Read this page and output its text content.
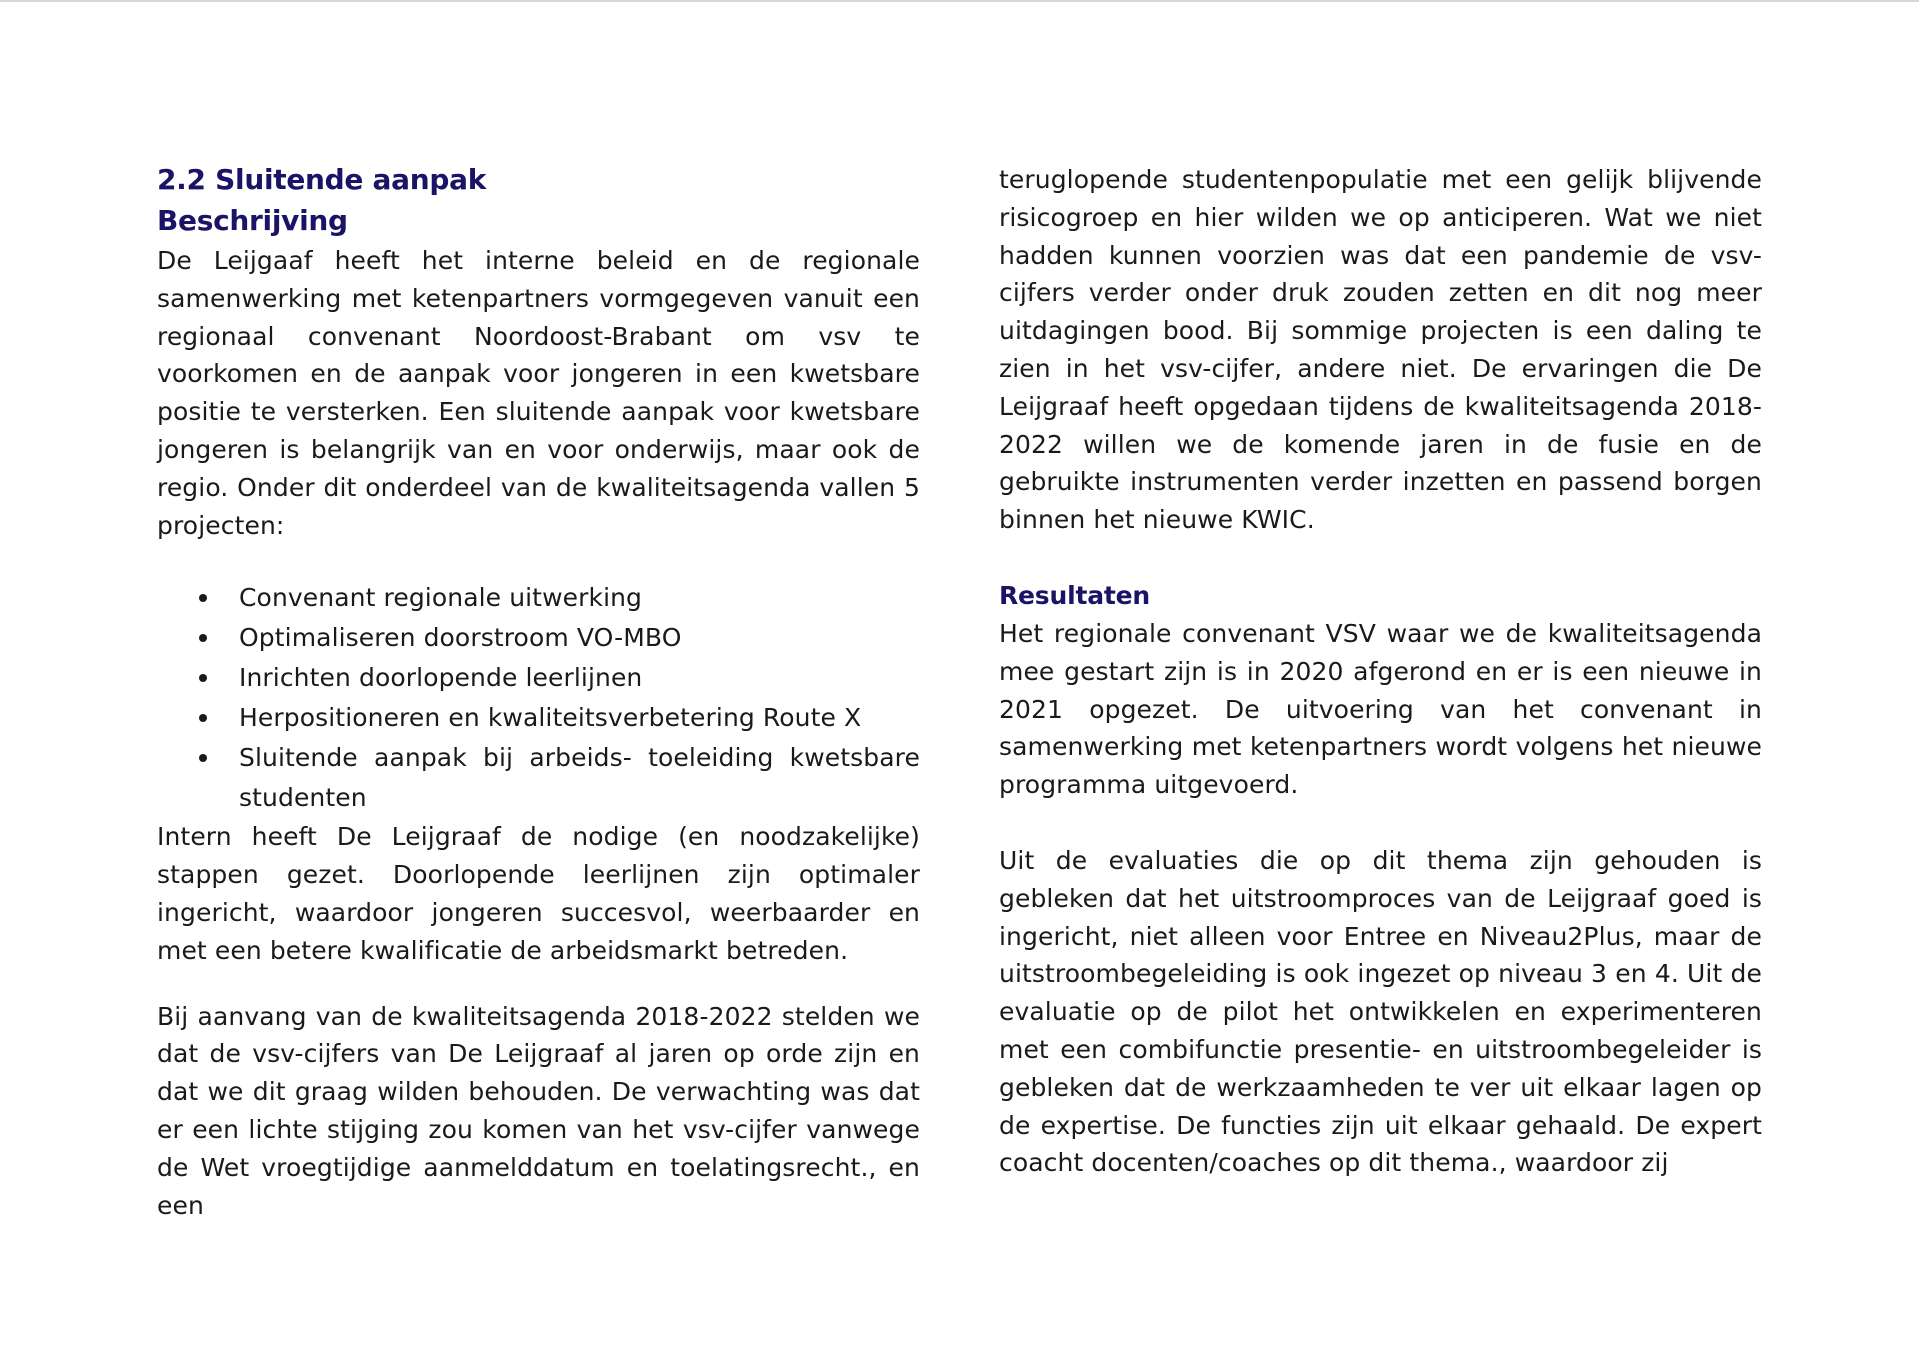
2.2 Sluitende aanpak
Beschrijving

De Leijgaaf heeft het interne beleid en de regionale samenwerking met ketenpartners vormgegeven vanuit een regionaal convenant Noordoost-Brabant om vsv te voorkomen en de aanpak voor jongeren in een kwetsbare positie te versterken. Een sluitende aanpak voor kwetsbare jongeren is belangrijk van en voor onderwijs, maar ook de regio. Onder dit onderdeel van de kwaliteitsagenda vallen 5 projecten:

Convenant regionale uitwerking
Optimaliseren doorstroom VO-MBO
Inrichten doorlopende leerlijnen
Herpositioneren en kwaliteitsverbetering Route X
Sluitende aanpak bij arbeids- toeleiding kwetsbare studenten

Intern heeft De Leijgraaf de nodige (en noodzakelijke) stappen gezet. Doorlopende leerlijnen zijn optimaler ingericht, waardoor jongeren succesvol, weerbaarder en met een betere kwalificatie de arbeidsmarkt betreden.

Bij aanvang van de kwaliteitsagenda 2018-2022 stelden we dat de vsv-cijfers van De Leijgraaf al jaren op orde zijn en dat we dit graag wilden behouden. De verwachting was dat er een lichte stijging zou komen van het vsv-cijfer vanwege de Wet vroegtijdige aanmelddatum en toelatingsrecht., en een

teruglopende studentenpopulatie met een gelijk blijvende risicogroep en hier wilden we op anticiperen. Wat we niet hadden kunnen voorzien was dat een pandemie de vsv-cijfers verder onder druk zouden zetten en dit nog meer uitdagingen bood. Bij sommige projecten is een daling te zien in het vsv-cijfer, andere niet. De ervaringen die De Leijgraaf heeft opgedaan tijdens de kwaliteitsagenda 2018-2022 willen we de komende jaren in de fusie en de gebruikte instrumenten verder inzetten en passend borgen binnen het nieuwe KWIC.

Resultaten

Het regionale convenant VSV waar we de kwaliteitsagenda mee gestart zijn is in 2020 afgerond en er is een nieuwe in 2021 opgezet. De uitvoering van het convenant in samenwerking met ketenpartners wordt volgens het nieuwe programma uitgevoerd.

Uit de evaluaties die op dit thema zijn gehouden is gebleken dat het uitstroomproces van de Leijgraaf goed is ingericht, niet alleen voor Entree en Niveau2Plus, maar de uitstroombegeleiding is ook ingezet op niveau 3 en 4. Uit de evaluatie op de pilot het ontwikkelen en experimenteren met een combifunctie presentie- en uitstroombegeleider is gebleken dat de werkzaamheden te ver uit elkaar lagen op de expertise. De functies zijn uit elkaar gehaald. De expert coacht docenten/coaches op dit thema., waardoor zij
